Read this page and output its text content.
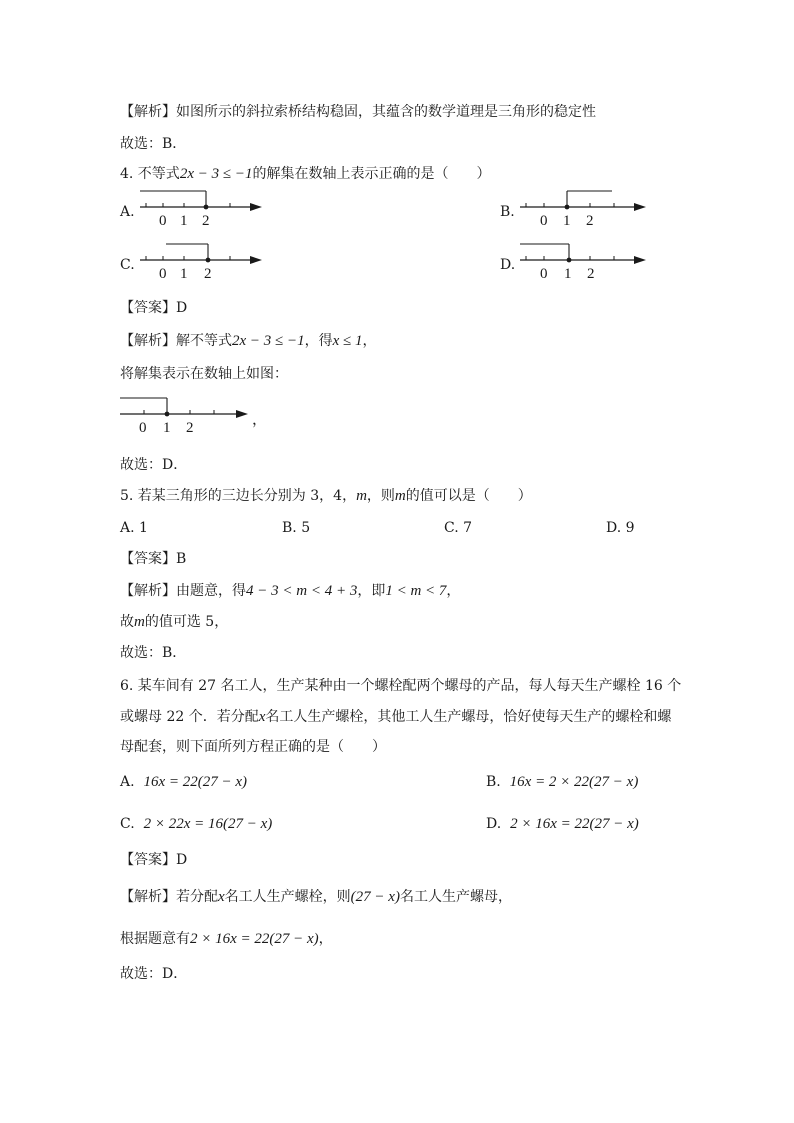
【解析】如图所示的斜拉索桥结构稳固，其蕴含的数学道理是三角形的稳定性
故选：B．
4. 不等式2x − 3 ≤ −1的解集在数轴上表示正确的是（　　）
A.
0 1 2
B.
0 1 2
C.
0 1 2
D.
0 1 2
【答案】D
【解析】解不等式2x − 3 ≤ −1，得x ≤ 1，
将解集表示在数轴上如图：
0 1 2	，
故选：D．
5. 若某三角形的三边长分别为 3，4，m，则m的值可以是（　　）
A. 1	B. 5	C. 7	D. 9
【答案】B
【解析】由题意，得4 − 3 < m < 4 + 3，即1 < m < 7，
故m的值可选 5，
故选：B．
6. 某车间有 27 名工人，生产某种由一个螺栓配两个螺母的产品，每人每天生产螺栓 16 个
或螺母 22 个．若分配x名工人生产螺栓，其他工人生产螺母，恰好使每天生产的螺栓和螺
母配套，则下面所列方程正确的是（　　）
A. 16x = 22(27 − x)	B. 16x = 2 × 22(27 − x)
C. 2 × 22x = 16(27 − x)	D. 2 × 16x = 22(27 − x)
【答案】D
【解析】若分配x名工人生产螺栓，则(27 − x)名工人生产螺母，
根据题意有2 × 16x = 22(27 − x)，
故选：D．
